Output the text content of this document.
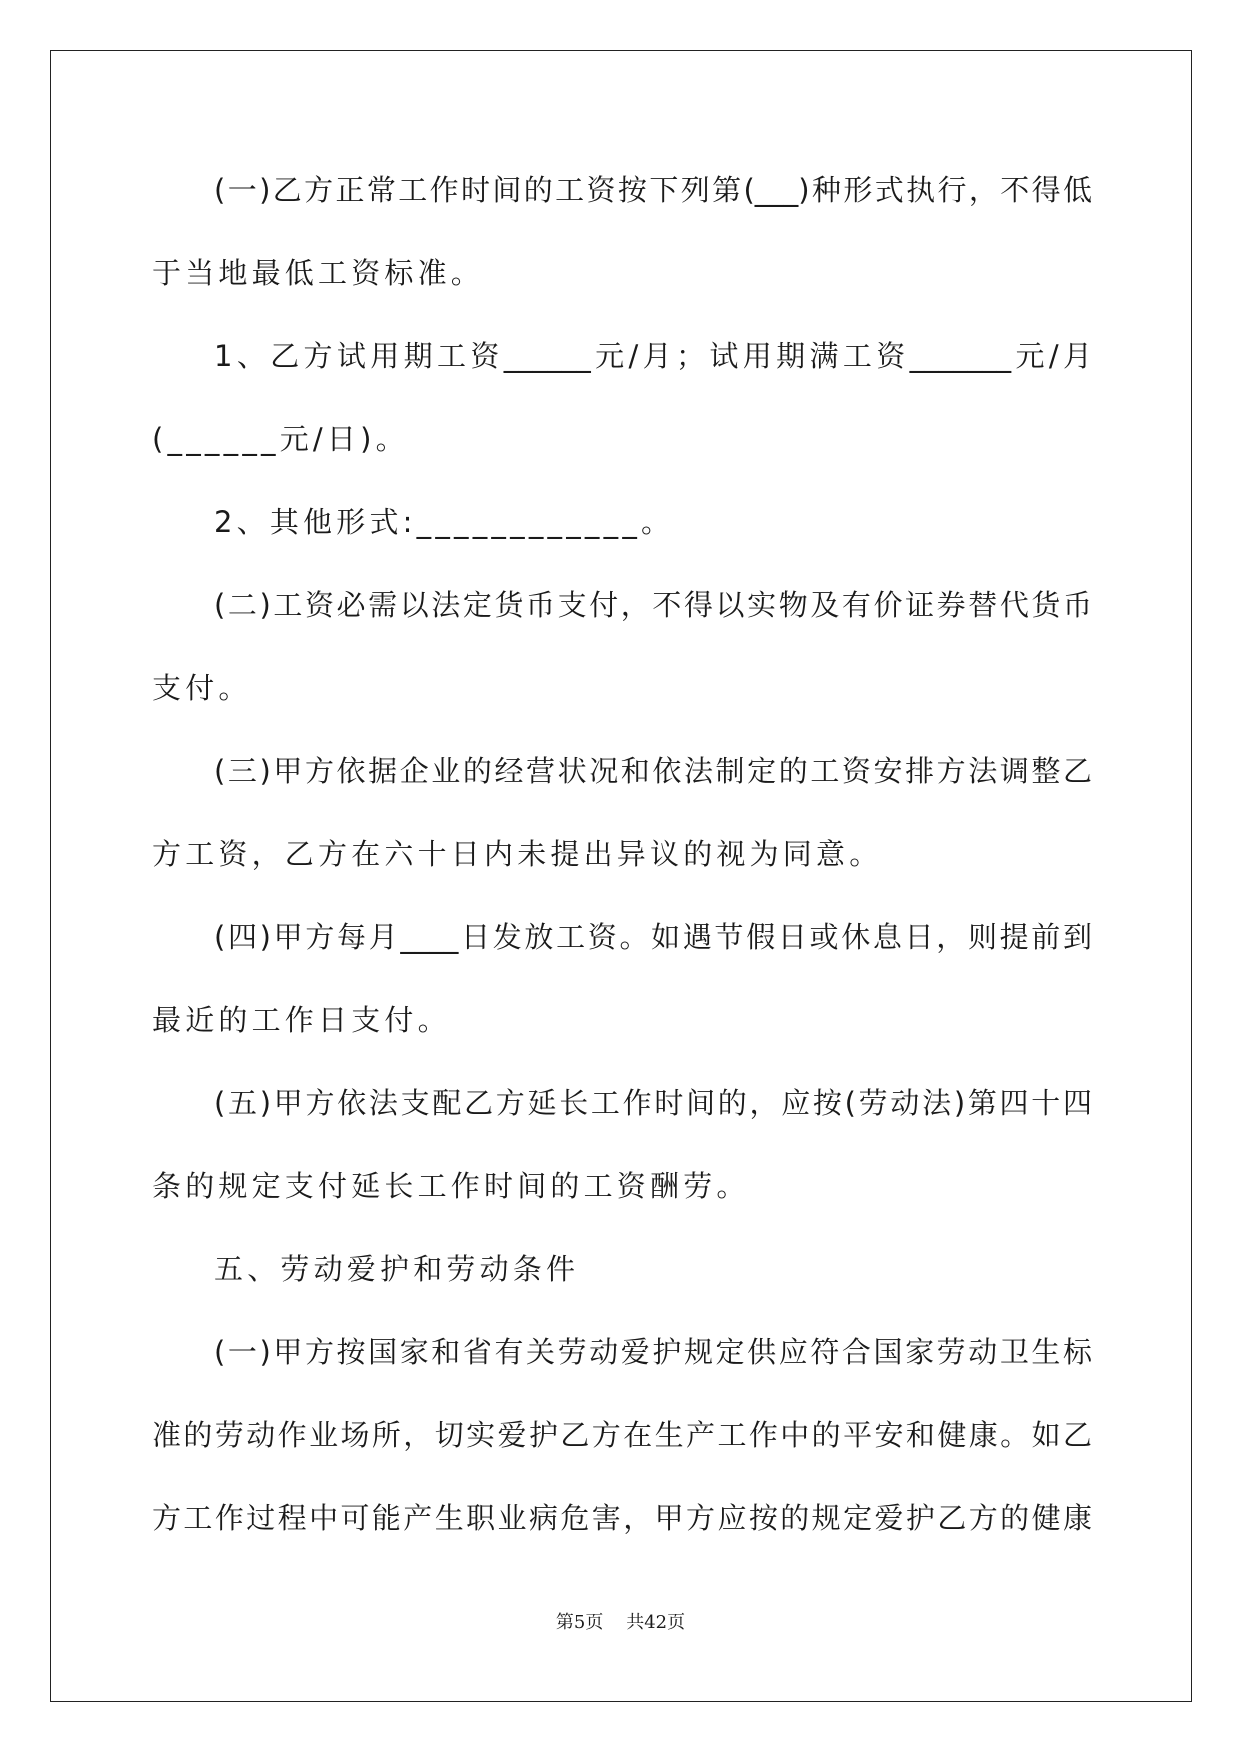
(一)乙方正常工作时间的工资按下列第(___)种形式执行，不得低
于当地最低工资标准。
1、乙方试用期工资______元/月；试用期满工资_______元/月
(______元/日)。
2、其他形式:____________。
(二)工资必需以法定货币支付，不得以实物及有价证券替代货币
支付。
(三)甲方依据企业的经营状况和依法制定的工资安排方法调整乙
方工资，乙方在六十日内未提出异议的视为同意。
(四)甲方每月____日发放工资。如遇节假日或休息日，则提前到
最近的工作日支付。
(五)甲方依法支配乙方延长工作时间的，应按(劳动法)第四十四
条的规定支付延长工作时间的工资酬劳。
五、劳动爱护和劳动条件
(一)甲方按国家和省有关劳动爱护规定供应符合国家劳动卫生标
准的劳动作业场所，切实爱护乙方在生产工作中的平安和健康。如乙
方工作过程中可能产生职业病危害，甲方应按的规定爱护乙方的健康
第5页 共42页
